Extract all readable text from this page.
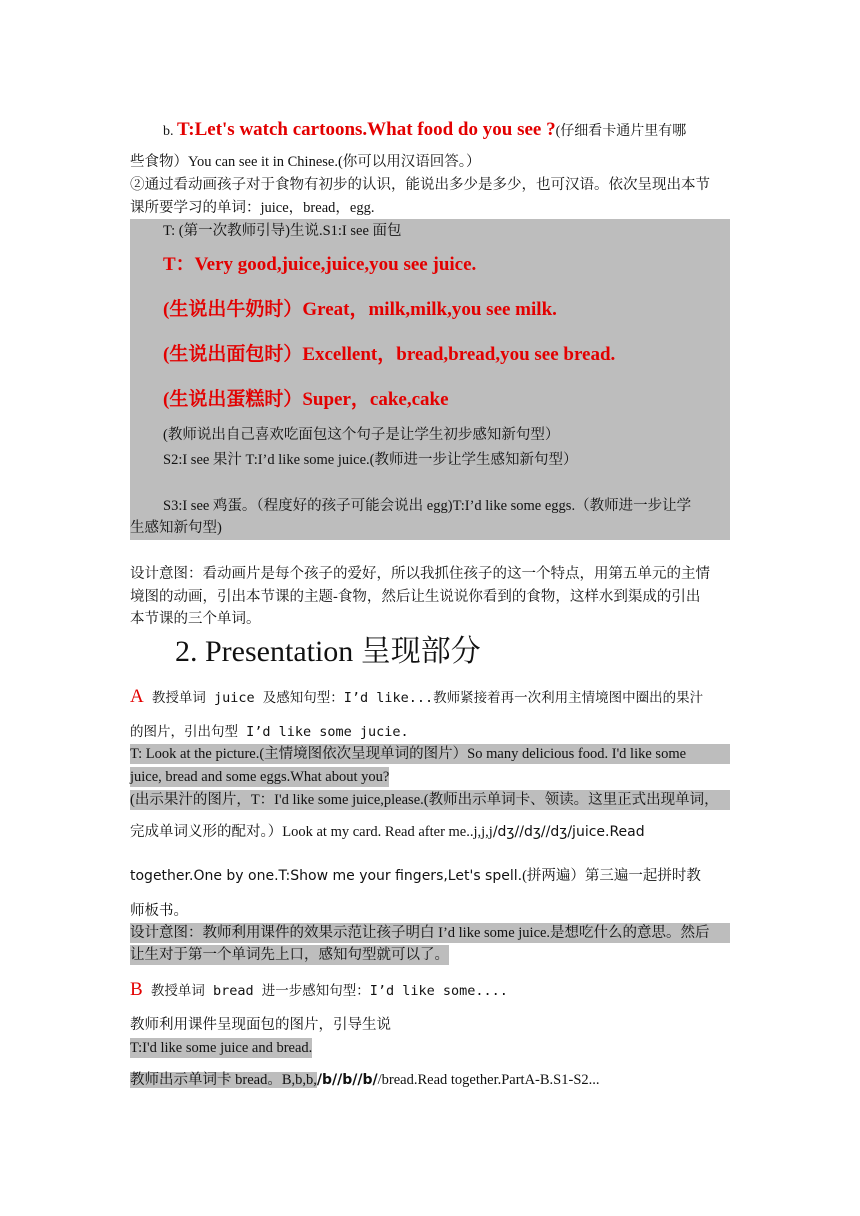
b. T:Let's watch cartoons.What food do you see ?(仔细看卡通片里有哪
些食物）You can see it in Chinese.(你可以用汉语回答。）
②通过看动画孩子对于食物有初步的认识，能说出多少是多少，也可汉语。依次呈现出本节
课所要学习的单词：juice，bread，egg.
T: (第一次教师引导)生说.S1:I see 面包
T：Very good,juice,juice,you see juice.
(生说出牛奶时）Great，milk,milk,you see milk.
(生说出面包时）Excellent，bread,bread,you see bread.
(生说出蛋糕时）Super，cake,cake
(教师说出自己喜欢吃面包这个句子是让学生初步感知新句型）
S2:I see 果汁 T:I’d like some juice.(教师进一步让学生感知新句型）
S3:I see 鸡蛋。（程度好的孩子可能会说出 egg)T:I’d like some eggs.（教师进一步让学
生感知新句型)
设计意图：看动画片是每个孩子的爱好，所以我抓住孩子的这一个特点，用第五单元的主情
境图的动画，引出本节课的主题-食物，然后让生说说你看到的食物，这样水到渠成的引出
本节课的三个单词。
2. Presentation 呈现部分
A 教授单词 juice 及感知句型：I’d like...教师紧接着再一次利用主情境图中圈出的果汁
的图片，引出句型 I’d like some jucie.
T: Look at the picture.(主情境图依次呈现单词的图片）So many delicious food. I'd like some
juice, bread and some eggs.What about you?
(出示果汁的图片，T：I'd like some juice,please.(教师出示单词卡、领读。这里正式出现单词，
完成单词义形的配对。）Look at my card. Read after me..j,j,j/dʒ//dʒ//dʒ/juice.Read
together.One by one.T:Show me your fingers,Let's spell.(拼两遍）第三遍一起拼时教
师板书。
设计意图：教师利用课件的效果示范让孩子明白 I’d like some juice.是想吃什么的意思。然后
让生对于第一个单词先上口，感知句型就可以了。
B 教授单词 bread 进一步感知句型：I’d like some....
教师利用课件呈现面包的图片，引导生说
T:I'd like some juice and bread.
教师出示单词卡 bread。B,b,b,/b//b//b//bread.Read together.PartA-B.S1-S2...
